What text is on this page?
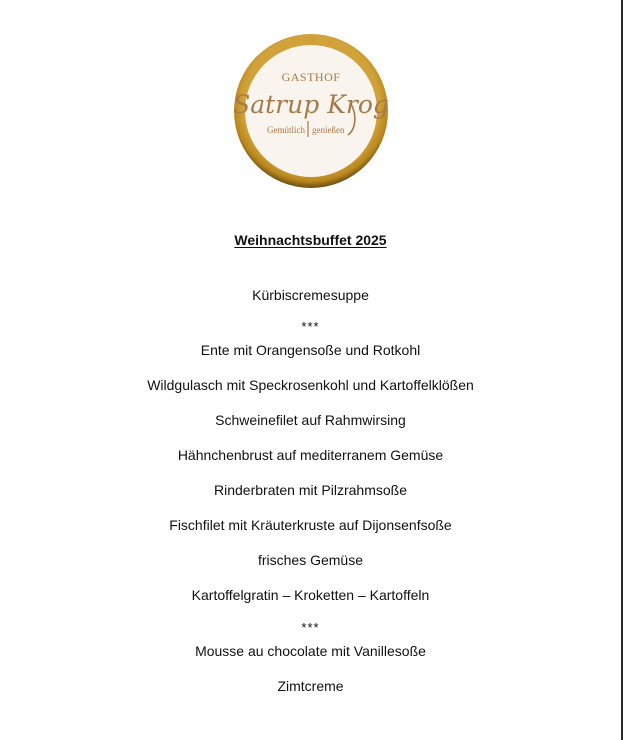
GASTHOF
Satrup Krog
Gemütlich genießen
Weihnachtsbuffet 2025
Kürbiscremesuppe
***
Ente mit Orangensoße und Rotkohl
Wildgulasch mit Speckrosenkohl und Kartoffelklößen
Schweinefilet auf Rahmwirsing
Hähnchenbrust auf mediterranem Gemüse
Rinderbraten mit Pilzrahmsoße
Fischfilet mit Kräuterkruste auf Dijonsenfsoße
frisches Gemüse
Kartoffelgratin – Kroketten – Kartoffeln
***
Mousse au chocolate mit Vanillesoße
Zimtcreme
